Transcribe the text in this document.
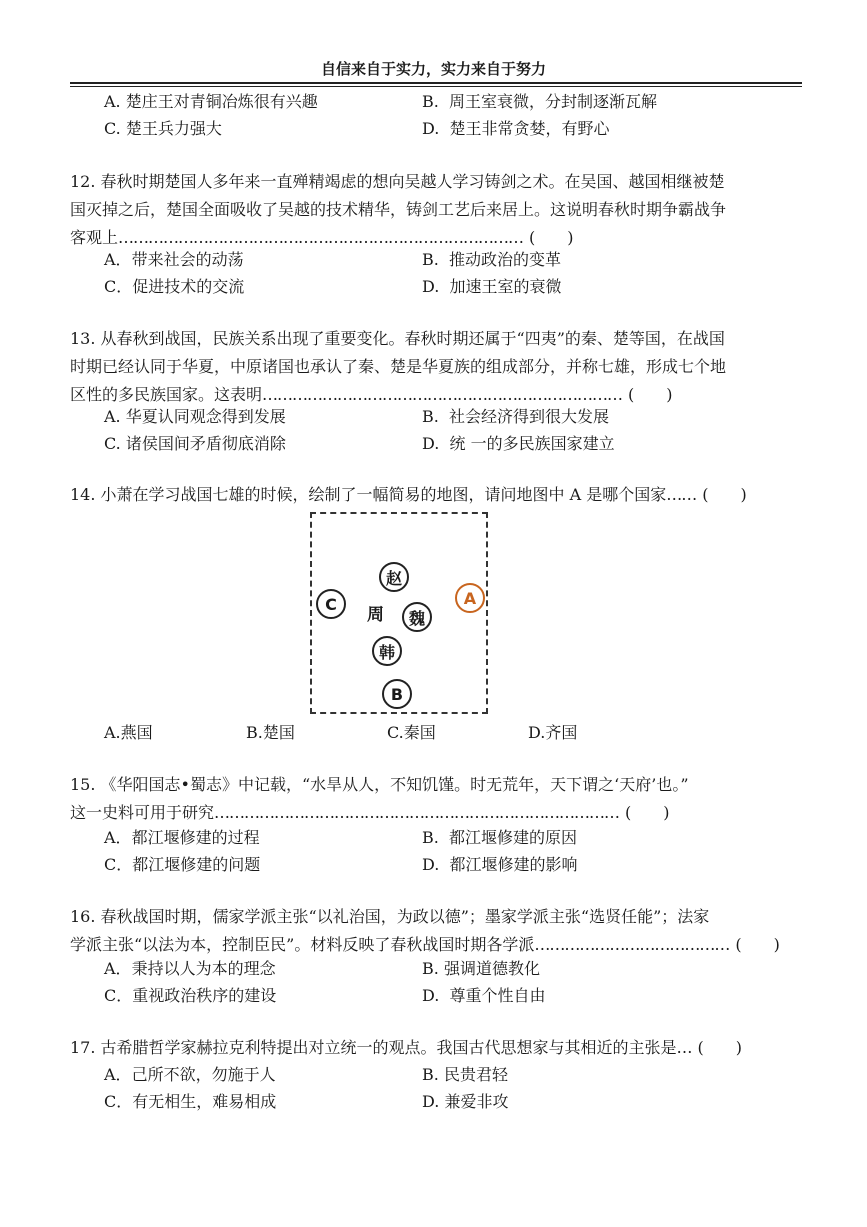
自信来自于实力，实力来自于努力
A. 楚庄王对青铜冶炼很有兴趣	B. 周王室衰微，分封制逐渐瓦解
C. 楚王兵力强大	D. 楚王非常贪婪，有野心
12. 春秋时期楚国人多年来一直殚精竭虑的想向吴越人学习铸剑之术。在吴国、越国相继被楚
国灭掉之后，楚国全面吸收了吴越的技术精华，铸剑工艺后来居上。这说明春秋时期争霸战争
客观上……………………………………………………………………… (　　)
A．带来社会的动荡	B. 推动政治的变革
C．促进技术的交流	D. 加速王室的衰微
13. 从春秋到战国，民族关系出现了重要变化。春秋时期还属于“四夷”的秦、楚等国，在战国
时期已经认同于华夏，中原诸国也承认了秦、楚是华夏族的组成部分，并称七雄，形成七个地
区性的多民族国家。这表明……………………………………………………………… (　　)
A. 华夏认同观念得到发展	B. 社会经济得到很大发展
C. 诸侯国间矛盾彻底消除	D. 统 一的多民族国家建立
14. 小萧在学习战国七雄的时候，绘制了一幅简易的地图，请问地图中 A 是哪个国家…… (　　)
赵
C
周	魏
A
韩
B
A.燕国	B.楚国	C.秦国	D.齐国
15. 《华阳国志•蜀志》中记载，“水旱从人，不知饥馑。时无荒年，天下谓之‘天府’也。”
这一史料可用于研究……………………………………………………………………… (　　)
A．都江堰修建的过程	B. 都江堰修建的原因
C．都江堰修建的问题	D. 都江堰修建的影响
16. 春秋战国时期，儒家学派主张“以礼治国，为政以德”；墨家学派主张“选贤任能”；法家
学派主张“以法为本，控制臣民”。材料反映了春秋战国时期各学派………………………………… (　　)
A．秉持以人为本的理念	B. 强调道德教化
C．重视政治秩序的建设	D. 尊重个性自由
17. 古希腊哲学家赫拉克利特提出对立统一的观点。我国古代思想家与其相近的主张是… (　　)
A．己所不欲，勿施于人	B. 民贵君轻
C．有无相生，难易相成	D. 兼爱非攻
